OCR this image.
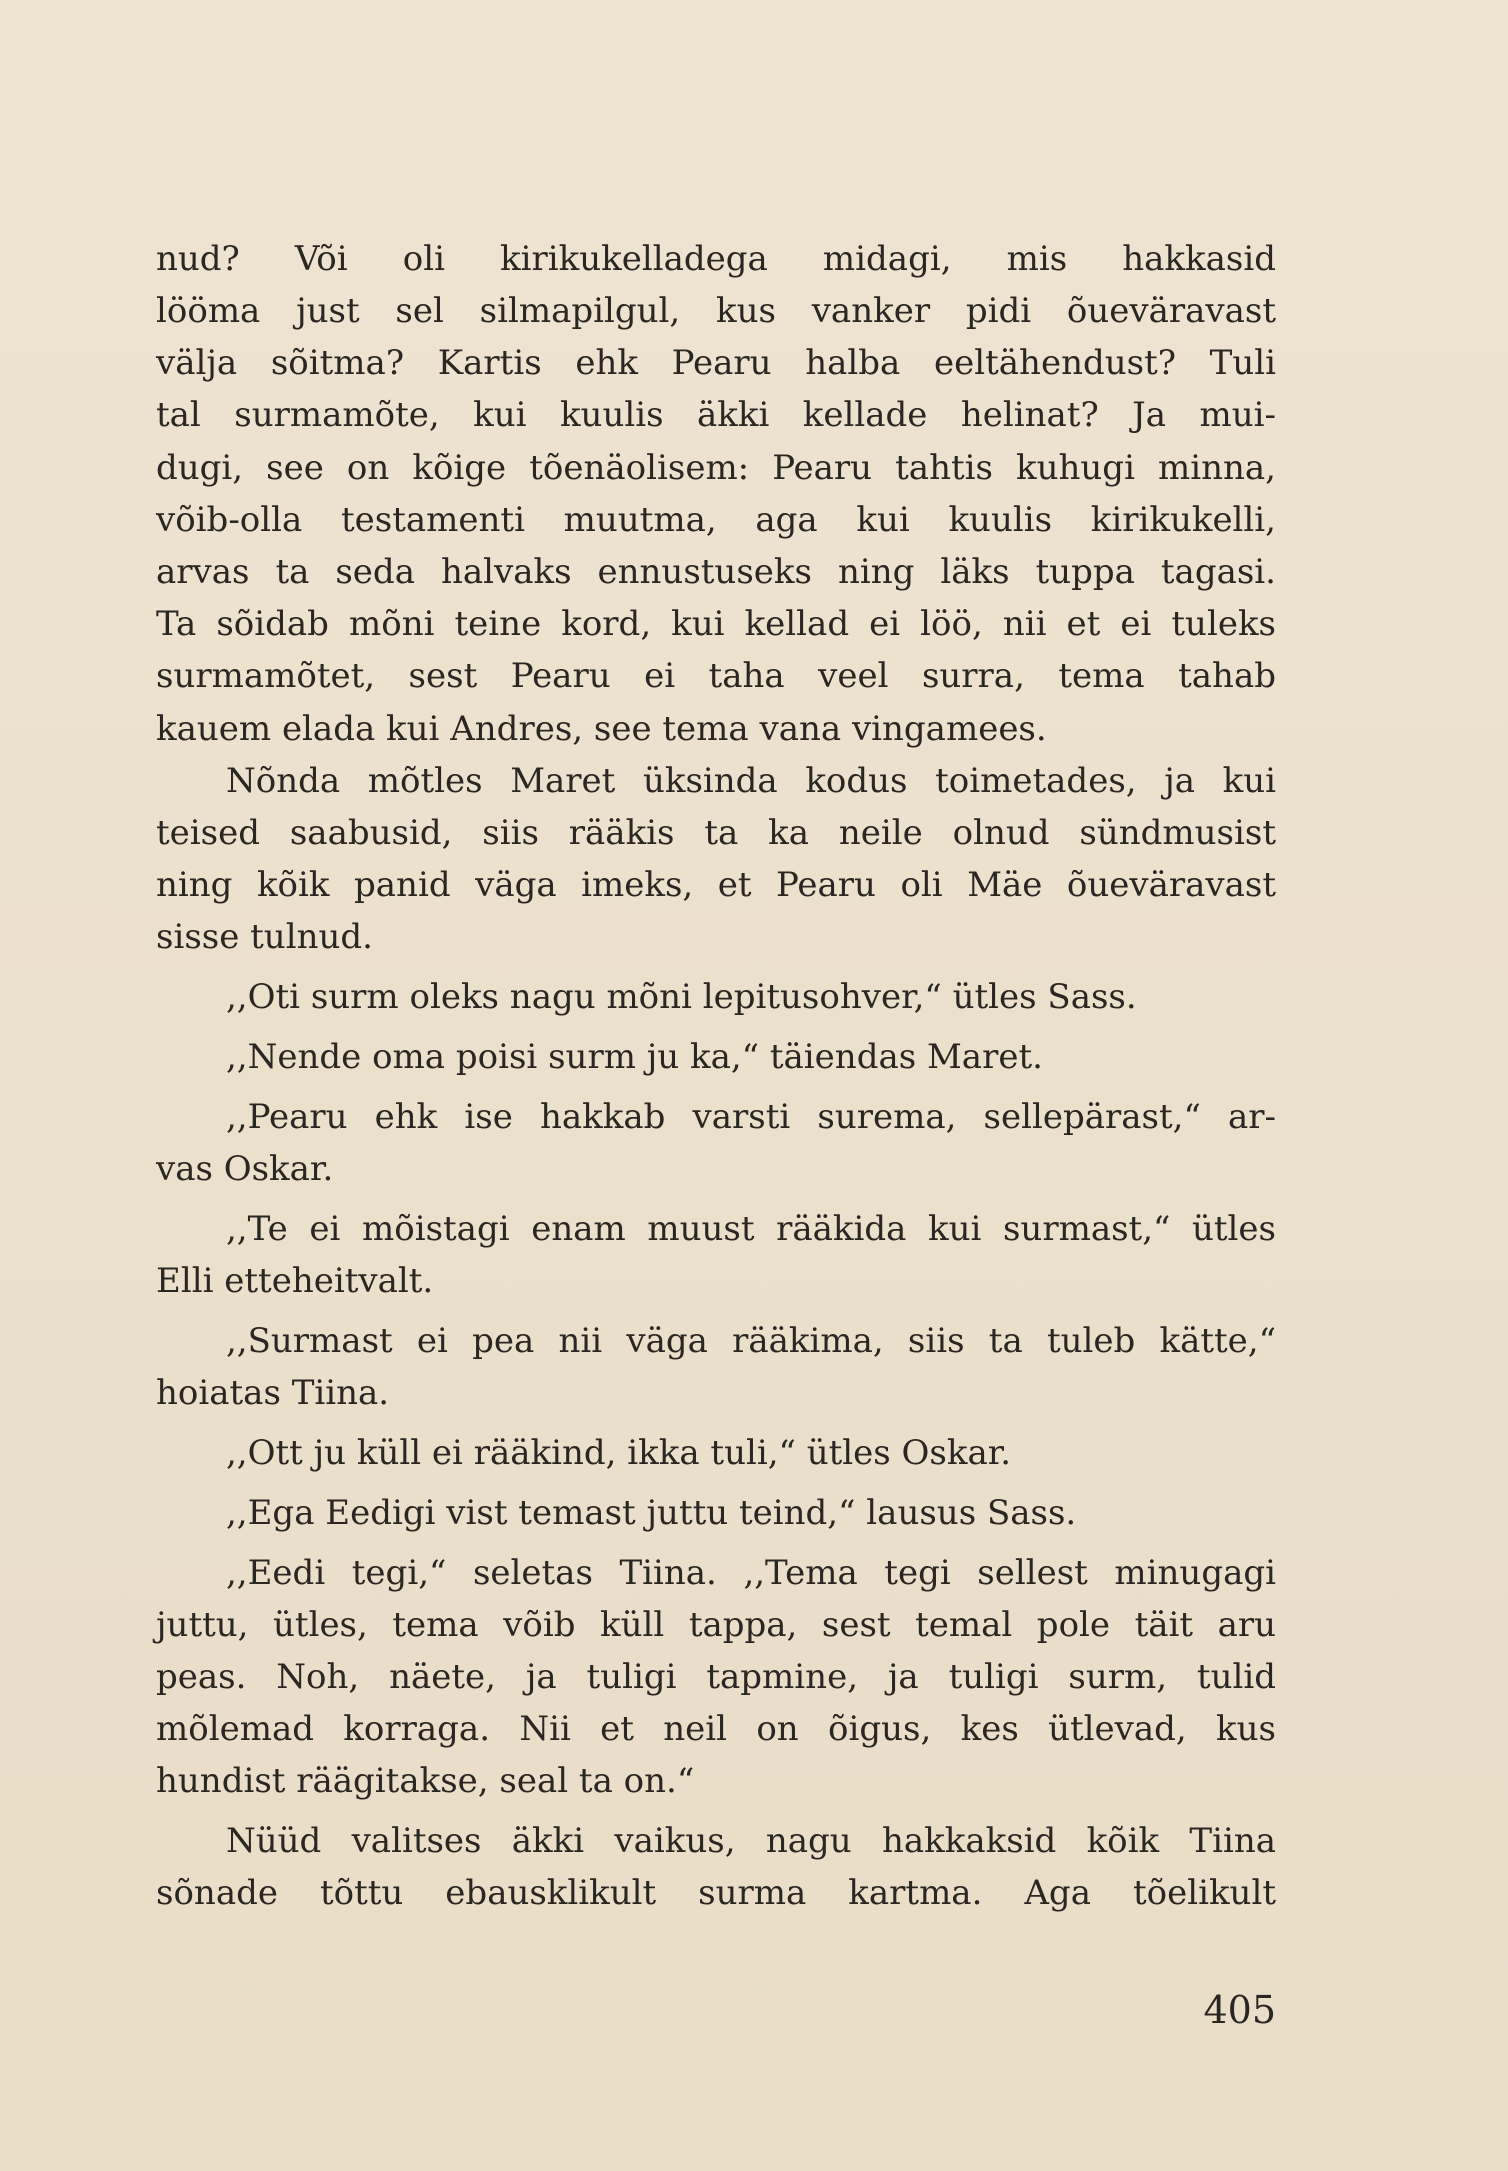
nud? Või oli kirikukelladega midagi, mis hakkasid
lööma just sel silmapilgul, kus vanker pidi õueväravast
välja sõitma? Kartis ehk Pearu halba eeltähendust? Tuli
tal surmamõte, kui kuulis äkki kellade helinat? Ja mui-
dugi, see on kõige tõenäolisem: Pearu tahtis kuhugi minna,
võib-olla testamenti muutma, aga kui kuulis kirikukelli,
arvas ta seda halvaks ennustuseks ning läks tuppa tagasi.
Ta sõidab mõni teine kord, kui kellad ei löö, nii et ei tuleks
surmamõtet, sest Pearu ei taha veel surra, tema tahab
kauem elada kui Andres, see tema vana vingamees.
Nõnda mõtles Maret üksinda kodus toimetades, ja kui
teised saabusid, siis rääkis ta ka neile olnud sündmusist
ning kõik panid väga imeks, et Pearu oli Mäe õueväravast
sisse tulnud.
,,Oti surm oleks nagu mõni lepitusohver,“ ütles Sass.
,,Nende oma poisi surm ju ka,“ täiendas Maret.
,,Pearu ehk ise hakkab varsti surema, sellepärast,“ ar-
vas Oskar.
,,Te ei mõistagi enam muust rääkida kui surmast,“ ütles
Elli etteheitvalt.
,,Surmast ei pea nii väga rääkima, siis ta tuleb kätte,“
hoiatas Tiina.
,,Ott ju küll ei rääkind, ikka tuli,“ ütles Oskar.
,,Ega Eedigi vist temast juttu teind,“ lausus Sass.
,,Eedi tegi,“ seletas Tiina. ,,Tema tegi sellest minugagi
juttu, ütles, tema võib küll tappa, sest temal pole täit aru
peas. Noh, näete, ja tuligi tapmine, ja tuligi surm, tulid
mõlemad korraga. Nii et neil on õigus, kes ütlevad, kus
hundist räägitakse, seal ta on.“
Nüüd valitses äkki vaikus, nagu hakkaksid kõik Tiina
sõnade tõttu ebausklikult surma kartma. Aga tõelikult
405
